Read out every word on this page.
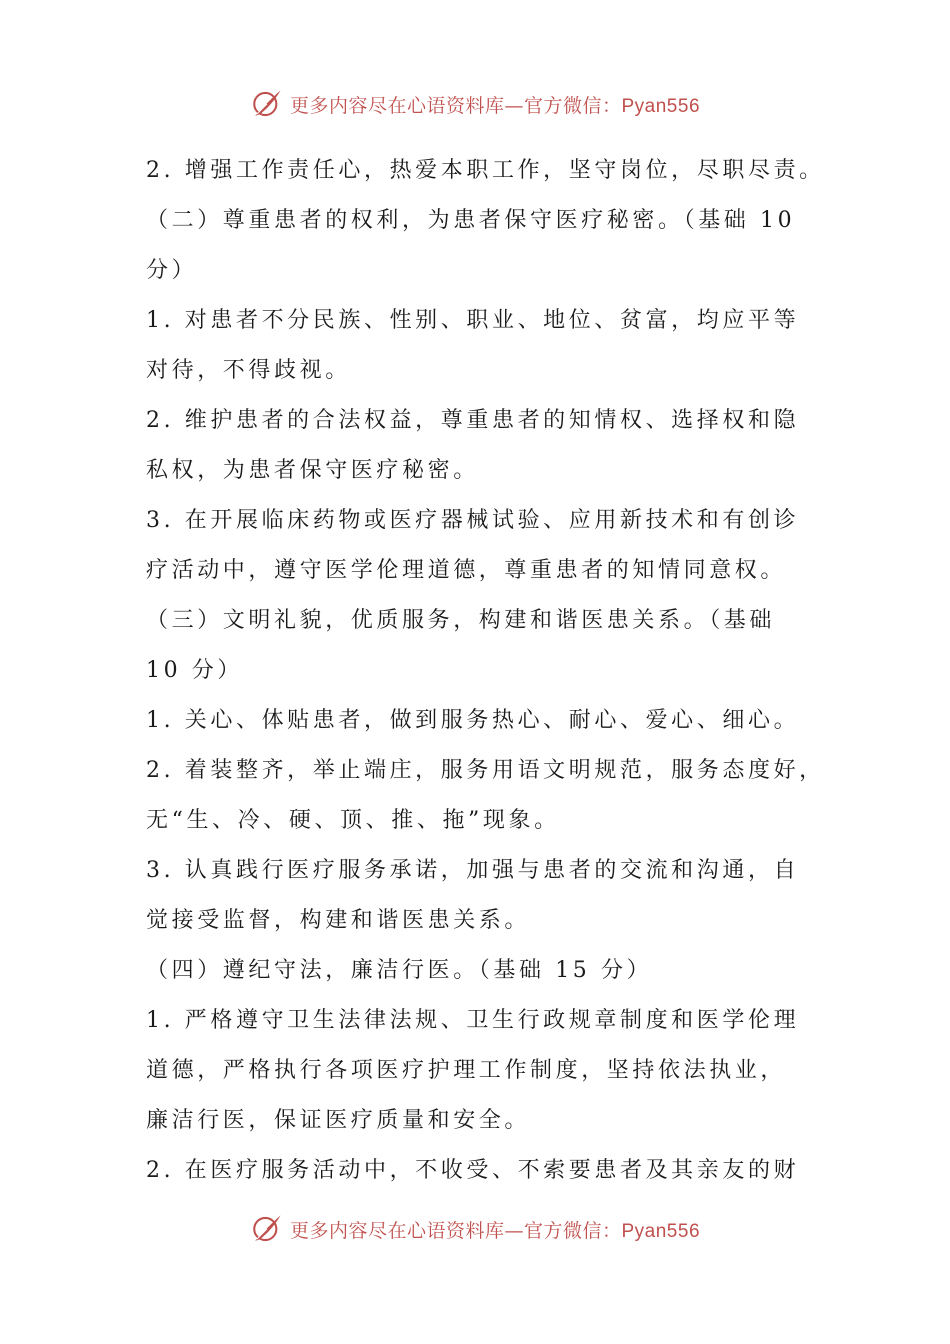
更多内容尽在心语资料库—官方微信：Pyan556
2. 增强工作责任心，热爱本职工作，坚守岗位，尽职尽责。
（二）尊重患者的权利，为患者保守医疗秘密。（基础 10
分）
1. 对患者不分民族、性别、职业、地位、贫富，均应平等
对待，不得歧视。
2. 维护患者的合法权益，尊重患者的知情权、选择权和隐
私权，为患者保守医疗秘密。
3. 在开展临床药物或医疗器械试验、应用新技术和有创诊
疗活动中，遵守医学伦理道德，尊重患者的知情同意权。
（三）文明礼貌，优质服务，构建和谐医患关系。（基础
10 分）
1. 关心、体贴患者，做到服务热心、耐心、爱心、细心。
2. 着装整齐，举止端庄，服务用语文明规范，服务态度好，
无“生、冷、硬、顶、推、拖”现象。
3. 认真践行医疗服务承诺，加强与患者的交流和沟通，自
觉接受监督，构建和谐医患关系。
（四）遵纪守法，廉洁行医。（基础 15 分）
1. 严格遵守卫生法律法规、卫生行政规章制度和医学伦理
道德，严格执行各项医疗护理工作制度，坚持依法执业，
廉洁行医，保证医疗质量和安全。
2. 在医疗服务活动中，不收受、不索要患者及其亲友的财
更多内容尽在心语资料库—官方微信：Pyan556
